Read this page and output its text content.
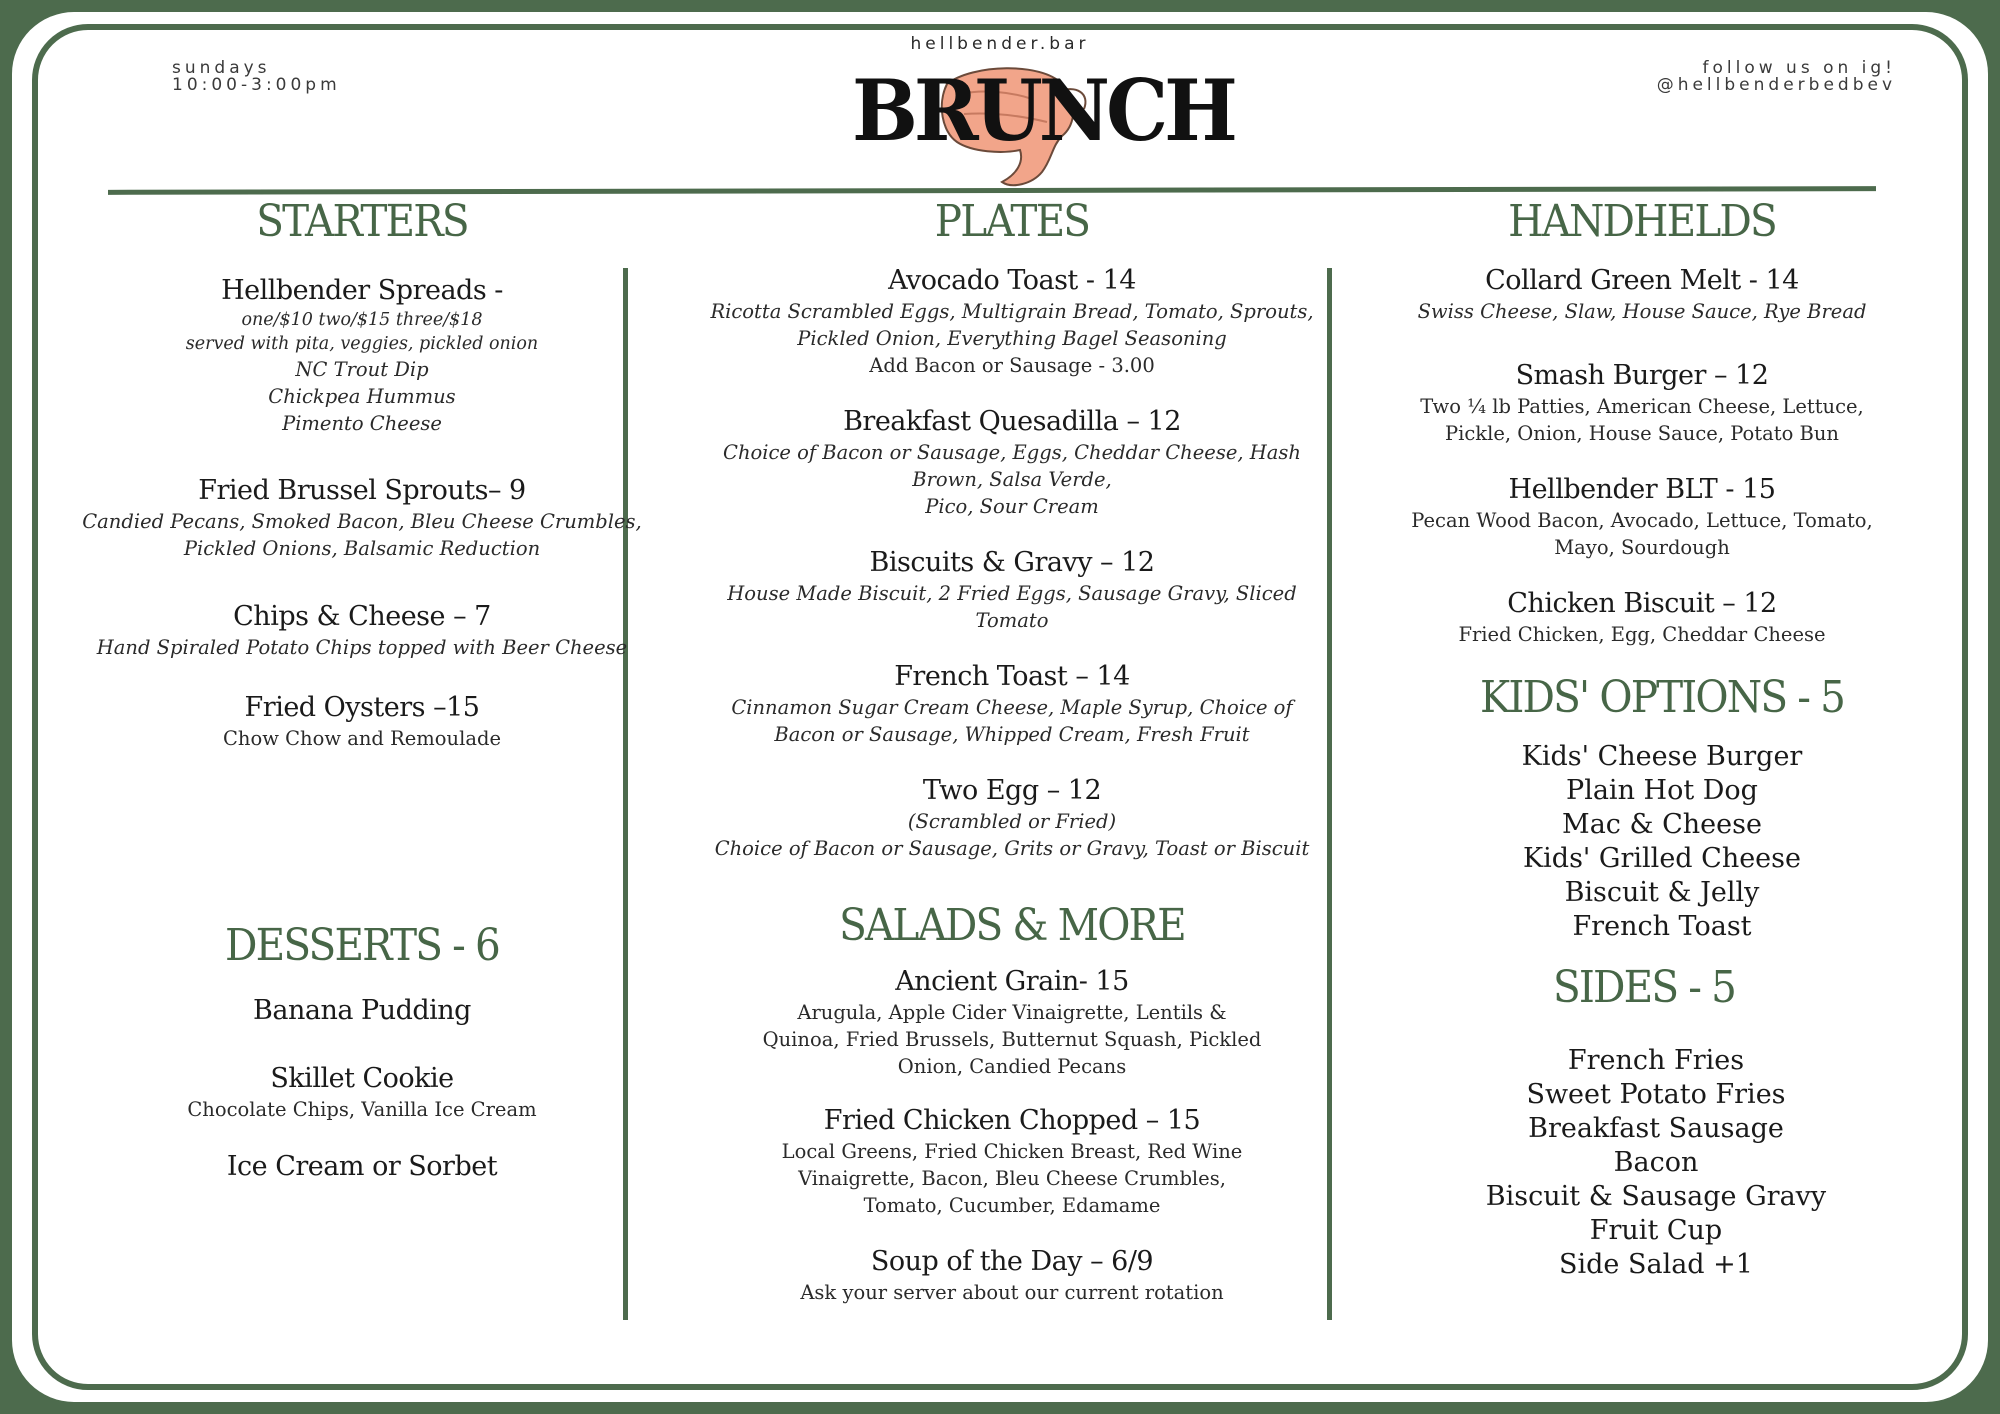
sundays
10:00-3:00pm
follow us on ig!
@hellbenderbedbev
hellbender.bar
BRUNCH
STARTERS
Hellbender Spreads -
one/$10 two/$15 three/$18
served with pita, veggies, pickled onion
NC Trout Dip
Chickpea Hummus
Pimento Cheese
Fried Brussel Sprouts– 9
Candied Pecans, Smoked Bacon, Bleu Cheese Crumbles,
Pickled Onions, Balsamic Reduction
Chips & Cheese – 7
Hand Spiraled Potato Chips topped with Beer Cheese
Fried Oysters –15
Chow Chow and Remoulade
DESSERTS - 6
Banana Pudding
Skillet Cookie
Chocolate Chips, Vanilla Ice Cream
Ice Cream or Sorbet
PLATES
Avocado Toast - 14
Ricotta Scrambled Eggs, Multigrain Bread, Tomato, Sprouts,
Pickled Onion, Everything Bagel Seasoning
Add Bacon or Sausage - 3.00
Breakfast Quesadilla – 12
Choice of Bacon or Sausage, Eggs, Cheddar Cheese, Hash
Brown, Salsa Verde,
Pico, Sour Cream
Biscuits & Gravy – 12
House Made Biscuit, 2 Fried Eggs, Sausage Gravy, Sliced
Tomato
French Toast – 14
Cinnamon Sugar Cream Cheese, Maple Syrup, Choice of
Bacon or Sausage, Whipped Cream, Fresh Fruit
Two Egg – 12
(Scrambled or Fried)
Choice of Bacon or Sausage, Grits or Gravy, Toast or Biscuit
SALADS & MORE
Ancient Grain- 15
Arugula, Apple Cider Vinaigrette, Lentils &
Quinoa, Fried Brussels, Butternut Squash, Pickled
Onion, Candied Pecans
Fried Chicken Chopped – 15
Local Greens, Fried Chicken Breast, Red Wine
Vinaigrette, Bacon, Bleu Cheese Crumbles,
Tomato, Cucumber, Edamame
Soup of the Day – 6/9
Ask your server about our current rotation
HANDHELDS
Collard Green Melt - 14
Swiss Cheese, Slaw, House Sauce, Rye Bread
Smash Burger – 12
Two ¼ lb Patties, American Cheese, Lettuce,
Pickle, Onion, House Sauce, Potato Bun
Hellbender BLT - 15
Pecan Wood Bacon, Avocado, Lettuce, Tomato,
Mayo, Sourdough
Chicken Biscuit – 12
Fried Chicken, Egg, Cheddar Cheese
KIDS' OPTIONS - 5
Kids' Cheese Burger
Plain Hot Dog
Mac & Cheese
Kids' Grilled Cheese
Biscuit & Jelly
French Toast
SIDES - 5
French Fries
Sweet Potato Fries
Breakfast Sausage
Bacon
Biscuit & Sausage Gravy
Fruit Cup
Side Salad +1
